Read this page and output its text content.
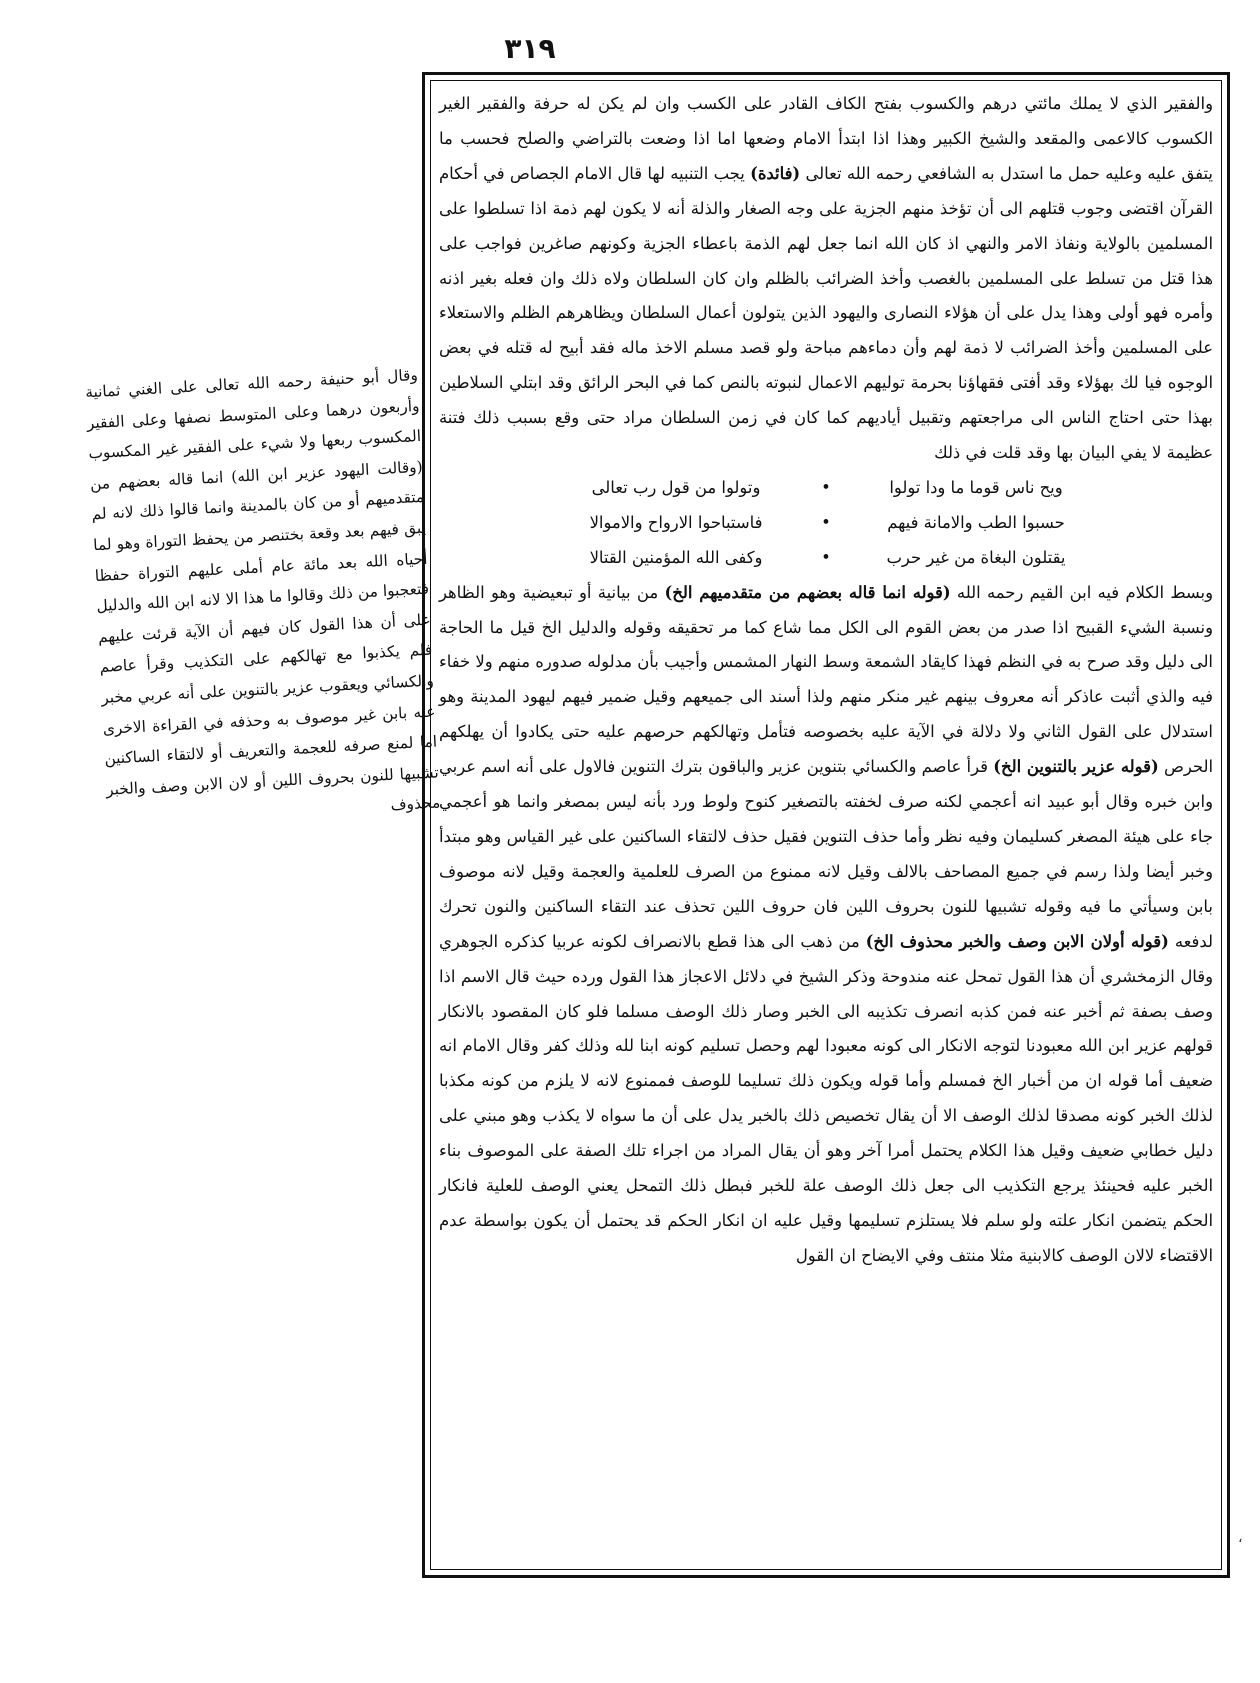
٣١٩

والفقير الذي لا يملك مائتي درهم والكسوب بفتح الكاف القادر على الكسب وان لم يكن له حرفة والفقير الغير الكسوب كالاعمى والمقعد والشيخ الكبير وهذا اذا ابتدأ الامام وضعها اما اذا وضعت بالتراضي والصلح فحسب ما يتفق عليه وعليه حمل ما استدل به الشافعي رحمه الله تعالى (فائدة) يجب التنبيه لها قال الامام الجصاص في أحكام القرآن اقتضى وجوب قتلهم الى أن تؤخذ منهم الجزية على وجه الصغار والذلة أنه لا يكون لهم ذمة اذا تسلطوا على المسلمين بالولاية ونفاذ الامر والنهي اذ كان الله انما جعل لهم الذمة باعطاء الجزية وكونهم صاغرين فواجب على هذا قتل من تسلط على المسلمين بالغصب وأخذ الضرائب بالظلم وان كان السلطان ولاه ذلك وان فعله بغير اذنه وأمره فهو أولى وهذا يدل على أن هؤلاء النصارى واليهود الذين يتولون أعمال السلطان ويظاهرهم الظلم والاستعلاء على المسلمين وأخذ الضرائب لا ذمة لهم وأن دماءهم مباحة ولو قصد مسلم الاخذ ماله فقد أبيح له قتله في بعض الوجوه فيا لك بهؤلاء وقد أفتى فقهاؤنا بحرمة توليهم الاعمال لنبوته بالنص كما في البحر الرائق وقد ابتلي السلاطين بهذا حتى احتاج الناس الى مراجعتهم وتقبيل أياديهم كما كان في زمن السلطان مراد حتى وقع بسبب ذلك فتنة عظيمة لا يفي البيان بها وقد قلت في ذلك

ويح ناس قوما ما ودا تولوا
•
وتولوا من قول رب تعالى
حسبوا الطب والامانة فيهم
•
فاستباحوا الارواح والاموالا
يقتلون البغاة من غير حرب
•
وكفى الله المؤمنين القتالا

وبسط الكلام فيه ابن القيم رحمه الله (قوله انما قاله بعضهم من متقدميهم الخ) من بيانية أو تبعيضية وهو الظاهر ونسبة الشيء القبيح اذا صدر من بعض القوم الى الكل مما شاع كما مر تحقيقه وقوله والدليل الخ قيل ما الحاجة الى دليل وقد صرح به في النظم فهذا كايقاد الشمعة وسط النهار المشمس وأجيب بأن مدلوله صدوره منهم ولا خفاء فيه والذي أثبت عاذكر أنه معروف بينهم غير منكر منهم ولذا أسند الى جميعهم وقيل ضمير فيهم ليهود المدينة وهو استدلال على القول الثاني ولا دلالة في الآية عليه بخصوصه فتأمل وتهالكهم حرصهم عليه حتى يكادوا أن يهلكهم الحرص (قوله عزير بالتنوين الخ) قرأ عاصم والكسائي بتنوين عزير والباقون بترك التنوين فالاول على أنه اسم عربي وابن خبره وقال أبو عبيد انه أعجمي لكنه صرف لخفته بالتصغير كنوح ولوط ورد بأنه ليس بمصغر وانما هو أعجمي جاء على هيئة المصغر كسليمان وفيه نظر وأما حذف التنوين فقيل حذف لالتقاء الساكنين على غير القياس وهو مبتدأ وخبر أيضا ولذا رسم في جميع المصاحف بالالف وقيل لانه ممنوع من الصرف للعلمية والعجمة وقيل لانه موصوف بابن وسيأتي ما فيه وقوله تشبيها للنون بحروف اللين فان حروف اللين تحذف عند التقاء الساكنين والنون تحرك لدفعه (قوله أولان الابن وصف والخبر محذوف الخ) من ذهب الى هذا قطع بالانصراف لكونه عربيا كذكره الجوهري وقال الزمخشري أن هذا القول تمحل عنه مندوحة وذكر الشيخ في دلائل الاعجاز هذا القول ورده حيث قال الاسم اذا وصف بصفة ثم أخبر عنه فمن كذبه انصرف تكذيبه الى الخبر وصار ذلك الوصف مسلما فلو كان المقصود بالانكار قولهم عزير ابن الله معبودنا لتوجه الانكار الى كونه معبودا لهم وحصل تسليم كونه ابنا لله وذلك كفر وقال الامام انه ضعيف أما قوله ان من أخبار الخ فمسلم وأما قوله ويكون ذلك تسليما للوصف فممنوع لانه لا يلزم من كونه مكذبا لذلك الخبر كونه مصدقا لذلك الوصف الا أن يقال تخصيص ذلك بالخبر يدل على أن ما سواه لا يكذب وهو مبني على دليل خطابي ضعيف وقيل هذا الكلام يحتمل أمرا آخر وهو أن يقال المراد من اجراء تلك الصفة على الموصوف بناء الخبر عليه فحينئذ يرجع التكذيب الى جعل ذلك الوصف علة للخبر فبطل ذلك التمحل يعني الوصف للعلية فانكار الحكم يتضمن انكار علته ولو سلم فلا يستلزم تسليمها وقيل عليه ان انكار الحكم قد يحتمل أن يكون بواسطة عدم الاقتضاء لالان الوصف كالابنية مثلا منتف وفي الايضاح ان القول

وقال أبو حنيفة رحمه الله تعالى على الغني ثمانية وأربعون درهما وعلى المتوسط نصفها وعلى الفقير المكسوب ربعها ولا شيء على الفقير غير المكسوب (وقالت اليهود عزير ابن الله) انما قاله بعضهم من متقدميهم أو من كان بالمدينة وانما قالوا ذلك لانه لم يبق فيهم بعد وقعة بختنصر من يحفظ التوراة وهو لما أحياه الله بعد مائة عام أملى عليهم التوراة حفظا فتعجبوا من ذلك وقالوا ما هذا الا لانه ابن الله والدليل على أن هذا القول كان فيهم أن الآية قرئت عليهم فلم يكذبوا مع تهالكهم على التكذيب وقرأ عاصم والكسائي ويعقوب عزير بالتنوين على أنه عربي مخبر عنه بابن غير موصوف به وحذفه في القراءة الاخرى اما لمنع صرفه للعجمة والتعريف أو لالتقاء الساكنين تشبيها للنون بحروف اللين أو لان الابن وصف والخبر محذوف

،
